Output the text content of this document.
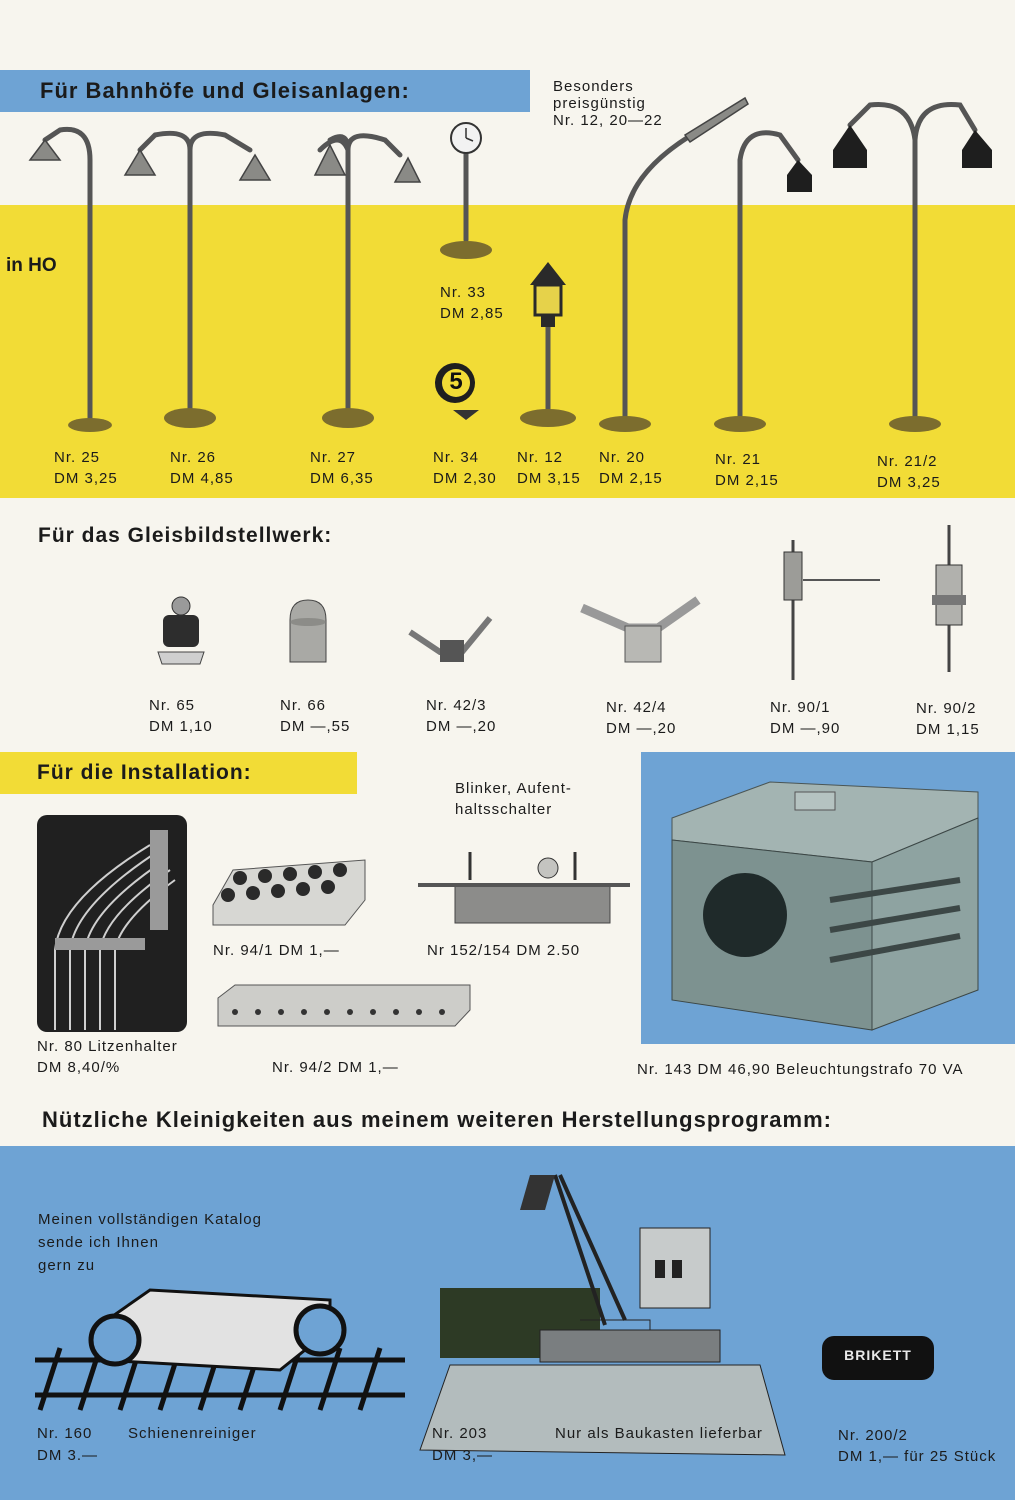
Für Bahnhöfe und Gleisanlagen:	Besonders
preisgünstig
Nr. 12, 20—22
in HO
5
Nr. 33
DM 2,85
Nr. 25
DM 3,25
Nr. 26
DM 4,85
Nr. 27
DM 6,35
Nr. 34
DM 2,30
Nr. 12
DM 3,15
Nr. 20
DM 2,15
Nr. 21
DM 2,15
Nr. 21/2
DM 3,25
Für das Gleisbildstellwerk:
Nr. 65
DM 1,10
Nr. 66
DM —,55
Nr. 42/3
DM —,20
Nr. 42/4
DM —,20
Nr. 90/1
DM —,90
Nr. 90/2
DM 1,15
Für die Installation:
Blinker, Aufent-
haltsschalter
Nr. 80 Litzenhalter
DM 8,40/%
Nr. 94/1 DM 1,—	Nr 152/154 DM 2.50
Nr. 94/2 DM 1,—	Nr. 143 DM 46,90 Beleuchtungstrafo 70 VA
Nützliche Kleinigkeiten aus meinem weiteren Herstellungsprogramm:
Meinen vollständigen Katalog
sende ich Ihnen
gern zu
BRIKETT
Nr. 160 Schienenreiniger
DM 3.—
Nr. 203	Nur als Baukasten lieferbar
DM 3,—
Nr. 200/2
DM 1,— für 25 Stück
